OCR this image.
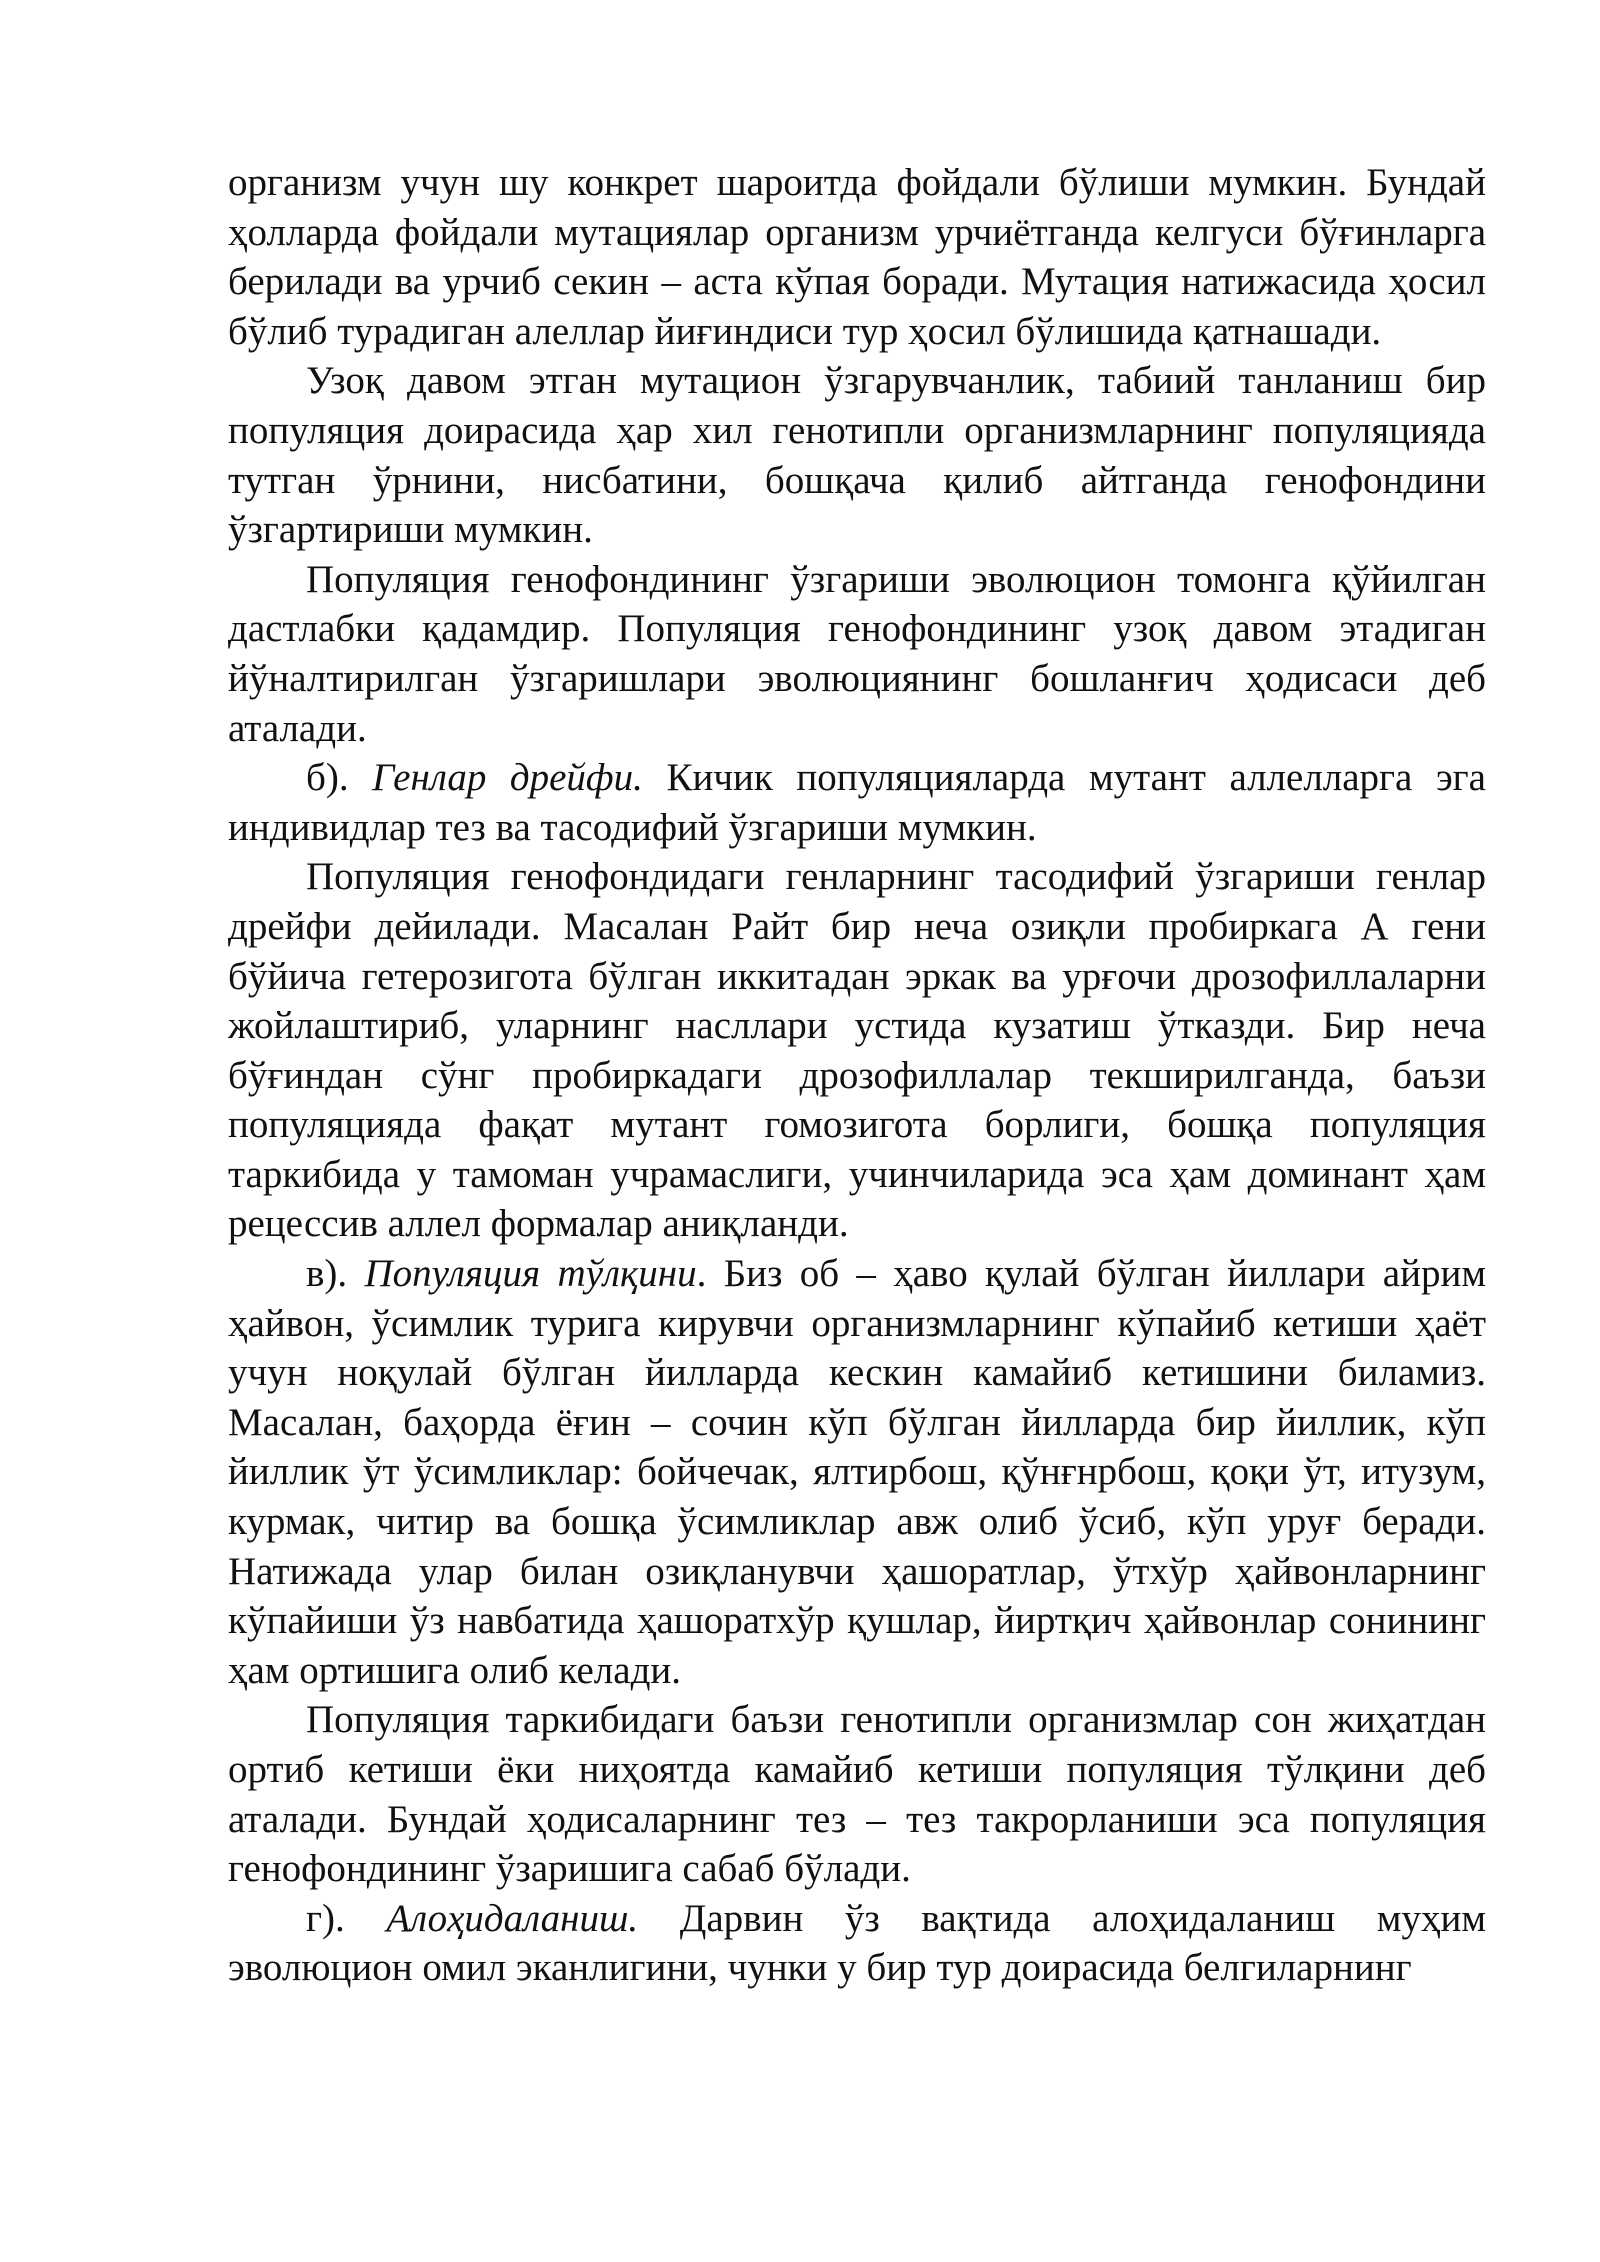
организм учун шу конкрет шароитда фойдали бўлиши мумкин. Бундай ҳолларда фойдали мутациялар организм урчиётганда келгуси бўғинларга берилади ва урчиб секин – аста кўпая боради. Мутация натижасида ҳосил бўлиб турадиган алеллар йиғиндиси тур ҳосил бўлишида қатнашади.

Узоқ давом этган мутацион ўзгарувчанлик, табиий танланиш бир популяция доирасида ҳар хил генотипли организмларнинг популяцияда тутган ўрнини, нисбатини, бошқача қилиб айтганда генофондини ўзгартириши мумкин.

Популяция генофондининг ўзгариши эволюцион томонга қўйилган дастлабки қадамдир. Популяция генофондининг узоқ давом этадиган йўналтирилган ўзгаришлари эволюциянинг бошланғич ҳодисаси деб аталади.

б). Генлар дрейфи. Кичик популяцияларда мутант аллелларга эга индивидлар тез ва тасодифий ўзгариши мумкин.

Популяция генофондидаги генларнинг тасодифий ўзгариши генлар дрейфи дейилади. Масалан Райт бир неча озиқли пробиркага А гени бўйича гетерозигота бўлган иккитадан эркак ва урғочи дрозофиллаларни жойлаштириб, уларнинг насллари устида кузатиш ўтказди. Бир неча бўғиндан сўнг пробиркадаги дрозофиллалар текширилганда, баъзи популяцияда фақат мутант гомозигота борлиги, бошқа популяция таркибида у тамоман учрамаслиги, учинчиларида эса ҳам доминант ҳам рецессив аллел формалар аниқланди.

в). Популяция тўлқини. Биз об – ҳаво қулай бўлган йиллари айрим ҳайвон, ўсимлик турига кирувчи организмларнинг кўпайиб кетиши ҳаёт учун ноқулай бўлган йилларда кескин камайиб кетишини биламиз. Масалан, баҳорда ёғин – сочин кўп бўлган йилларда бир йиллик, кўп йиллик ўт ўсимликлар: бойчечак, ялтирбош, қўнғнрбош, қоқи ўт, итузум, курмак, читир ва бошқа ўсимликлар авж олиб ўсиб, кўп уруғ беради. Натижада улар билан озиқланувчи ҳашоратлар, ўтхўр ҳайвонларнинг кўпайиши ўз навбатида ҳашоратхўр қушлар, йиртқич ҳайвонлар сонининг ҳам ортишига олиб келади.

Популяция таркибидаги баъзи генотипли организмлар сон жиҳатдан ортиб кетиши ёки ниҳоятда камайиб кетиши популяция тўлқини деб аталади. Бундай ҳодисаларнинг тез – тез такрорланиши эса популяция генофондининг ўзаришига сабаб бўлади.

г). Алоҳидаланиш. Дарвин ўз вақтида алоҳидаланиш муҳим эволюцион омил эканлигини, чунки у бир тур доирасида белгиларнинг
